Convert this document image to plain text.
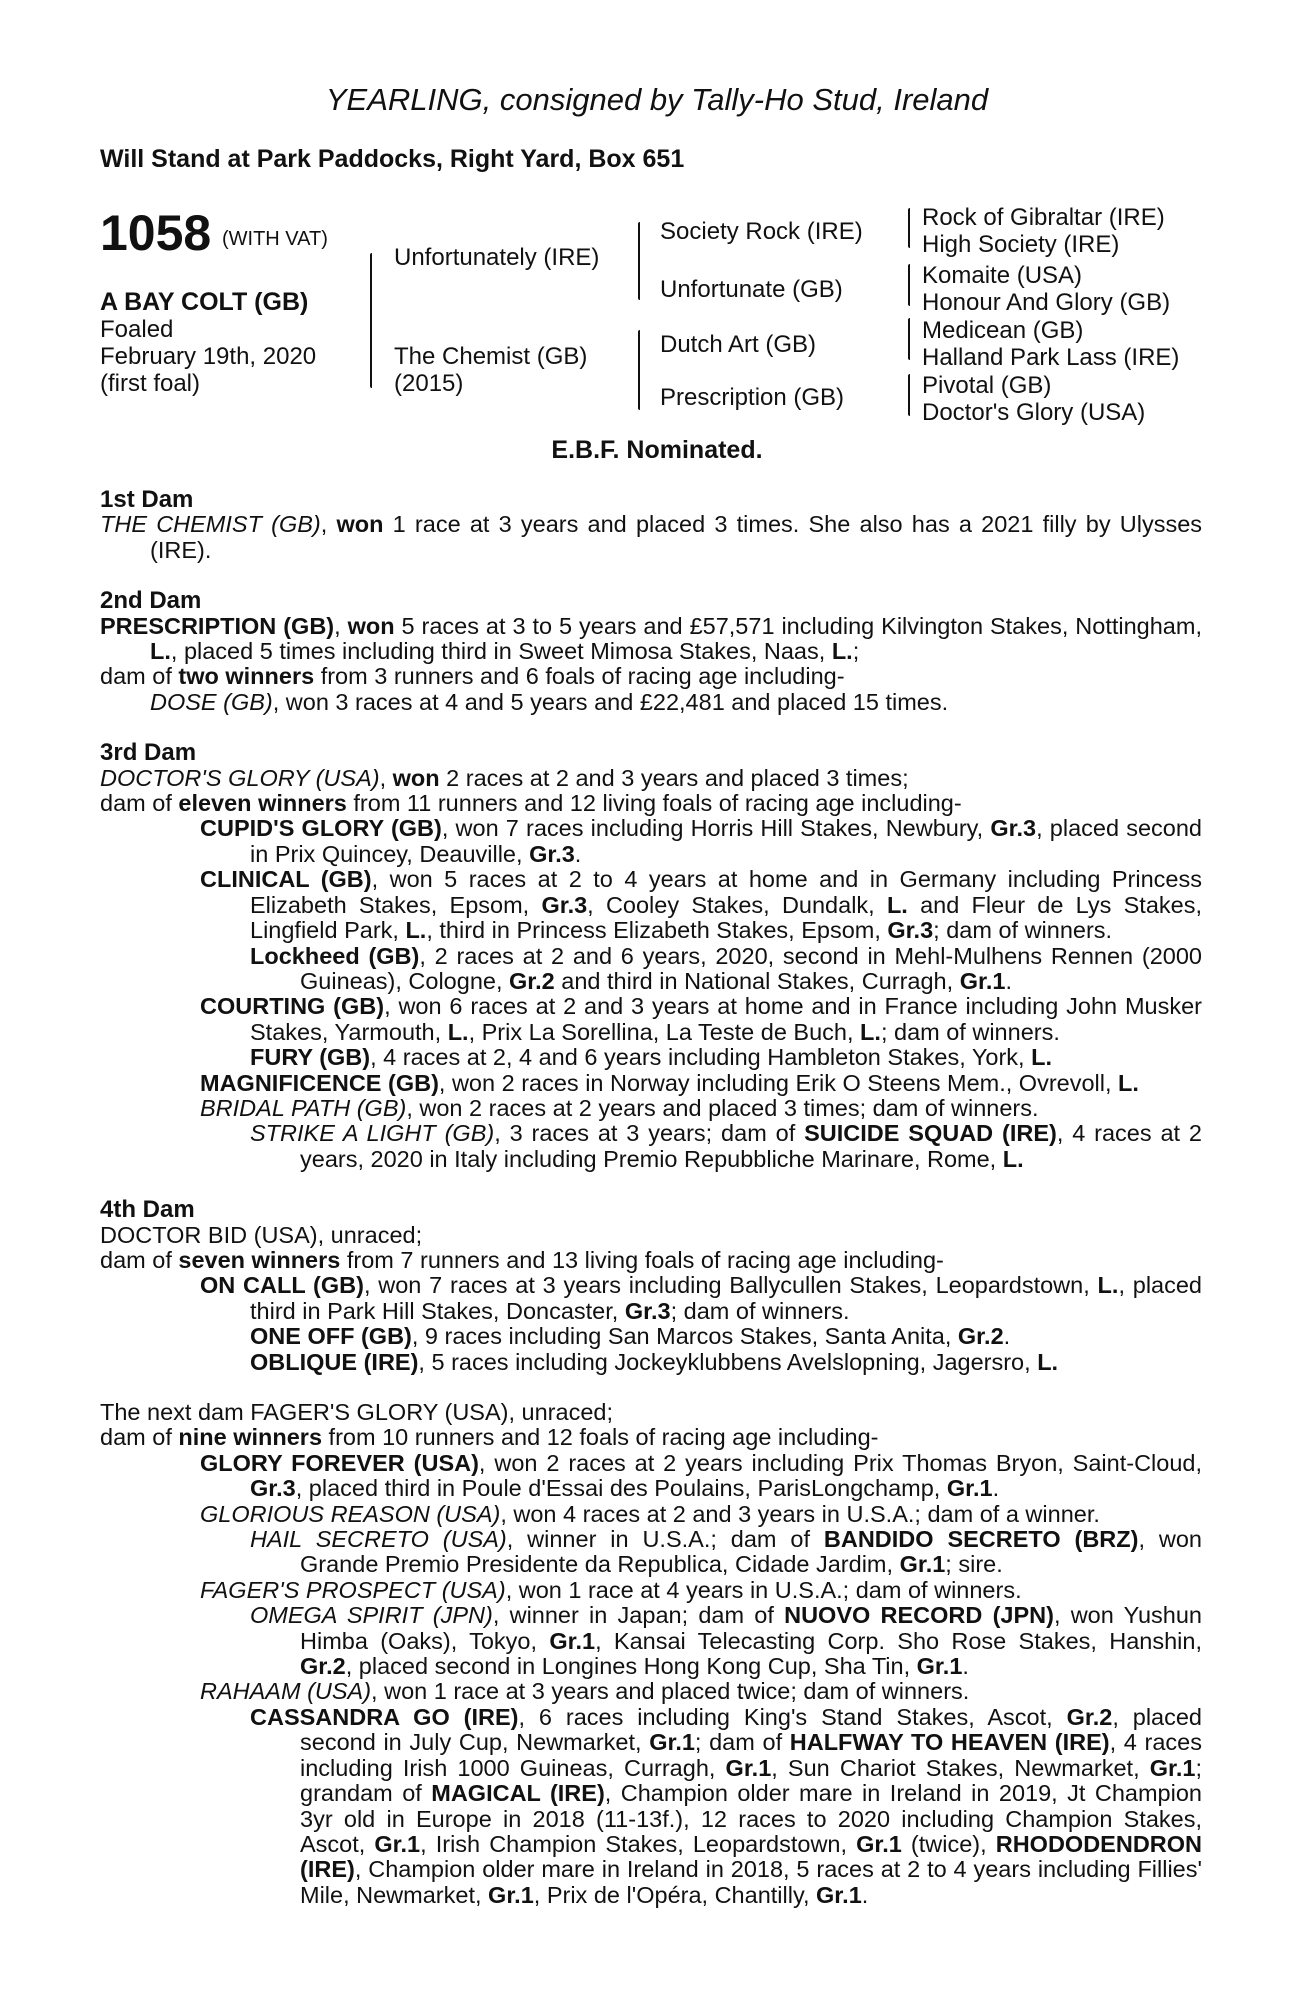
YEARLING, consigned by Tally-Ho Stud, Ireland
Will Stand at Park Paddocks, Right Yard, Box 651
1058 (WITH VAT)
A BAY COLT (GB)
Foaled
February 19th, 2020
(first foal)
Unfortunately (IRE)
The Chemist (GB)
(2015)
Society Rock (IRE)
Unfortunate (GB)
Dutch Art (GB)
Prescription (GB)
Rock of Gibraltar (IRE)
High Society (IRE)
Komaite (USA)
Honour And Glory (GB)
Medicean (GB)
Halland Park Lass (IRE)
Pivotal (GB)
Doctor's Glory (USA)
E.B.F. Nominated.
1st Dam
THE CHEMIST (GB), won 1 race at 3 years and placed 3 times. She also has a 2021 filly by Ulysses (IRE).
2nd Dam
PRESCRIPTION (GB), won 5 races at 3 to 5 years and £57,571 including Kilvington Stakes, Nottingham, L., placed 5 times including third in Sweet Mimosa Stakes, Naas, L.;
dam of two winners from 3 runners and 6 foals of racing age including-
DOSE (GB), won 3 races at 4 and 5 years and £22,481 and placed 15 times.
3rd Dam
DOCTOR'S GLORY (USA), won 2 races at 2 and 3 years and placed 3 times;
dam of eleven winners from 11 runners and 12 living foals of racing age including-
CUPID'S GLORY (GB), won 7 races including Horris Hill Stakes, Newbury, Gr.3, placed second in Prix Quincey, Deauville, Gr.3.
CLINICAL (GB), won 5 races at 2 to 4 years at home and in Germany including Princess Elizabeth Stakes, Epsom, Gr.3, Cooley Stakes, Dundalk, L. and Fleur de Lys Stakes, Lingfield Park, L., third in Princess Elizabeth Stakes, Epsom, Gr.3; dam of winners.
Lockheed (GB), 2 races at 2 and 6 years, 2020, second in Mehl-Mulhens Rennen (2000 Guineas), Cologne, Gr.2 and third in National Stakes, Curragh, Gr.1.
COURTING (GB), won 6 races at 2 and 3 years at home and in France including John Musker Stakes, Yarmouth, L., Prix La Sorellina, La Teste de Buch, L.; dam of winners.
FURY (GB), 4 races at 2, 4 and 6 years including Hambleton Stakes, York, L.
MAGNIFICENCE (GB), won 2 races in Norway including Erik O Steens Mem., Ovrevoll, L.
BRIDAL PATH (GB), won 2 races at 2 years and placed 3 times; dam of winners.
STRIKE A LIGHT (GB), 3 races at 3 years; dam of SUICIDE SQUAD (IRE), 4 races at 2 years, 2020 in Italy including Premio Repubbliche Marinare, Rome, L.
4th Dam
DOCTOR BID (USA), unraced;
dam of seven winners from 7 runners and 13 living foals of racing age including-
ON CALL (GB), won 7 races at 3 years including Ballycullen Stakes, Leopardstown, L., placed third in Park Hill Stakes, Doncaster, Gr.3; dam of winners.
ONE OFF (GB), 9 races including San Marcos Stakes, Santa Anita, Gr.2.
OBLIQUE (IRE), 5 races including Jockeyklubbens Avelslopning, Jagersro, L.
The next dam FAGER'S GLORY (USA), unraced;
dam of nine winners from 10 runners and 12 foals of racing age including-
GLORY FOREVER (USA), won 2 races at 2 years including Prix Thomas Bryon, Saint-Cloud, Gr.3, placed third in Poule d'Essai des Poulains, ParisLongchamp, Gr.1.
GLORIOUS REASON (USA), won 4 races at 2 and 3 years in U.S.A.; dam of a winner.
HAIL SECRETO (USA), winner in U.S.A.; dam of BANDIDO SECRETO (BRZ), won Grande Premio Presidente da Republica, Cidade Jardim, Gr.1; sire.
FAGER'S PROSPECT (USA), won 1 race at 4 years in U.S.A.; dam of winners.
OMEGA SPIRIT (JPN), winner in Japan; dam of NUOVO RECORD (JPN), won Yushun Himba (Oaks), Tokyo, Gr.1, Kansai Telecasting Corp. Sho Rose Stakes, Hanshin, Gr.2, placed second in Longines Hong Kong Cup, Sha Tin, Gr.1.
RAHAAM (USA), won 1 race at 3 years and placed twice; dam of winners.
CASSANDRA GO (IRE), 6 races including King's Stand Stakes, Ascot, Gr.2, placed second in July Cup, Newmarket, Gr.1; dam of HALFWAY TO HEAVEN (IRE), 4 races including Irish 1000 Guineas, Curragh, Gr.1, Sun Chariot Stakes, Newmarket, Gr.1; grandam of MAGICAL (IRE), Champion older mare in Ireland in 2019, Jt Champion 3yr old in Europe in 2018 (11-13f.), 12 races to 2020 including Champion Stakes, Ascot, Gr.1, Irish Champion Stakes, Leopardstown, Gr.1 (twice), RHODODENDRON (IRE), Champion older mare in Ireland in 2018, 5 races at 2 to 4 years including Fillies' Mile, Newmarket, Gr.1, Prix de l'Opéra, Chantilly, Gr.1.
